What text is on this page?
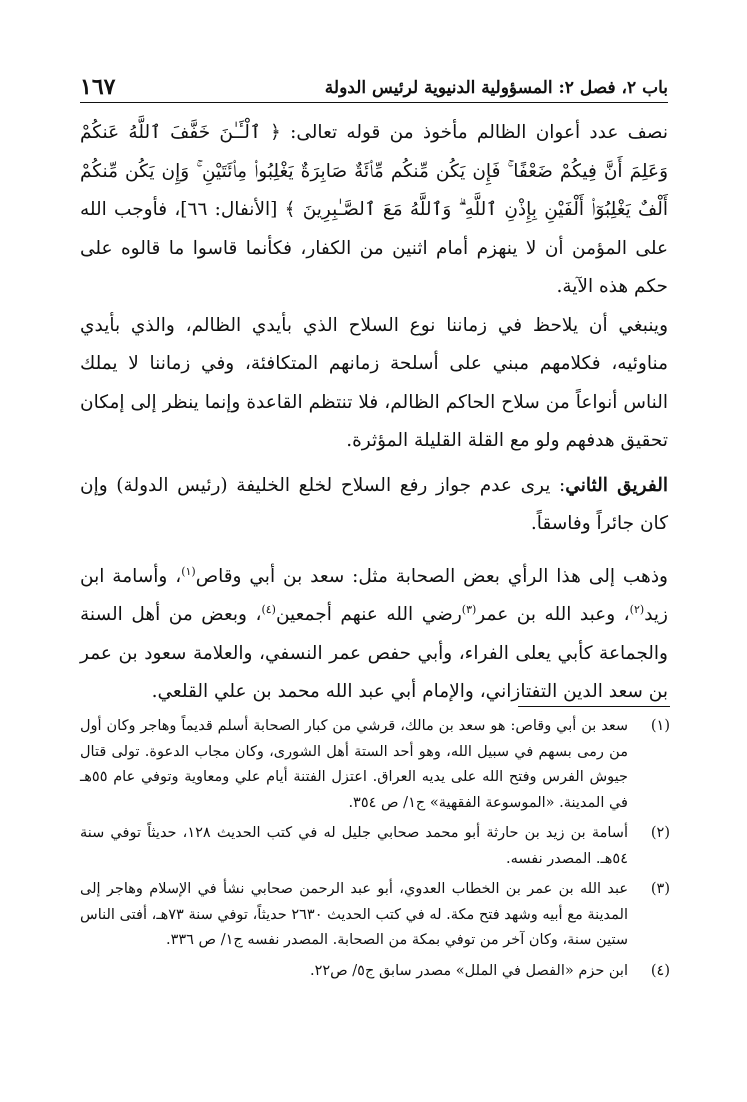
باب ٢، فصل ٢: المسؤولية الدنيوية لرئيس الدولة
١٦٧

نصف عدد أعوان الظالم مأخوذ من قوله تعالى: ﴿ ٱلْـَٔـٰنَ خَفَّفَ ٱللَّهُ عَنكُمْ وَعَلِمَ أَنَّ فِيكُمْ ضَعْفًا ۚ فَإِن يَكُن مِّنكُم مِّا۟ئَةٌ صَابِرَةٌ يَغْلِبُوا۟ مِا۟ئَتَيْنِ ۚ وَإِن يَكُن مِّنكُمْ أَلْفٌ يَغْلِبُوٓا۟ أَلْفَيْنِ بِإِذْنِ ٱللَّهِ ۗ وَٱللَّهُ مَعَ ٱلصَّـٰبِرِينَ ﴾ [الأنفال: ٦٦]، فأوجب الله على المؤمن أن لا ينهزم أمام اثنين من الكفار، فكأنما قاسوا ما قالوه على حكم هذه الآية.

وينبغي أن يلاحظ في زماننا نوع السلاح الذي بأيدي الظالم، والذي بأيدي مناوئيه، فكلامهم مبني على أسلحة زمانهم المتكافئة، وفي زماننا لا يملك الناس أنواعاً من سلاح الحاكم الظالم، فلا تنتظم القاعدة وإنما ينظر إلى إمكان تحقيق هدفهم ولو مع القلة القليلة المؤثرة.

الفريق الثاني: يرى عدم جواز رفع السلاح لخلع الخليفة (رئيس الدولة) وإن كان جائراً وفاسقاً.

وذهب إلى هذا الرأي بعض الصحابة مثل: سعد بن أبي وقاص$^{(١)}$، وأسامة ابن زيد$^{(٢)}$، وعبد الله بن عمر$^{(٣)}$رضي الله عنهم أجمعين$^{(٤)}$، وبعض من أهل السنة والجماعة كأبي يعلى الفراء، وأبي حفص عمر النسفي، والعلامة سعود بن عمر بن سعد الدين التفتازاني، والإمام أبي عبد الله محمد بن علي القلعي.

(١)
سعد بن أبي وقاص: هو سعد بن مالك، قرشي من كبار الصحابة أسلم قديماً وهاجر وكان أول من رمى بسهم في سبيل الله، وهو أحد الستة أهل الشورى، وكان مجاب الدعوة. تولى قتال جيوش الفرس وفتح الله على يديه العراق. اعتزل الفتنة أيام علي ومعاوية وتوفي عام ٥٥هـ في المدينة. «الموسوعة الفقهية» ج١/ ص ٣٥٤.
(٢)
أسامة بن زيد بن حارثة أبو محمد صحابي جليل له في كتب الحديث ١٢٨، حديثاً توفي سنة ٥٤هـ. المصدر نفسه.
(٣)
عبد الله بن عمر بن الخطاب العدوي، أبو عبد الرحمن صحابي نشأ في الإسلام وهاجر إلى المدينة مع أبيه وشهد فتح مكة. له في كتب الحديث ٢٦٣٠ حديثاً، توفي سنة ٧٣هـ، أفتى الناس ستين سنة، وكان آخر من توفي بمكة من الصحابة. المصدر نفسه ج١/ ص ٣٣٦.
(٤)
ابن حزم «الفصل في الملل» مصدر سابق ج٥/ ص٢٢.
